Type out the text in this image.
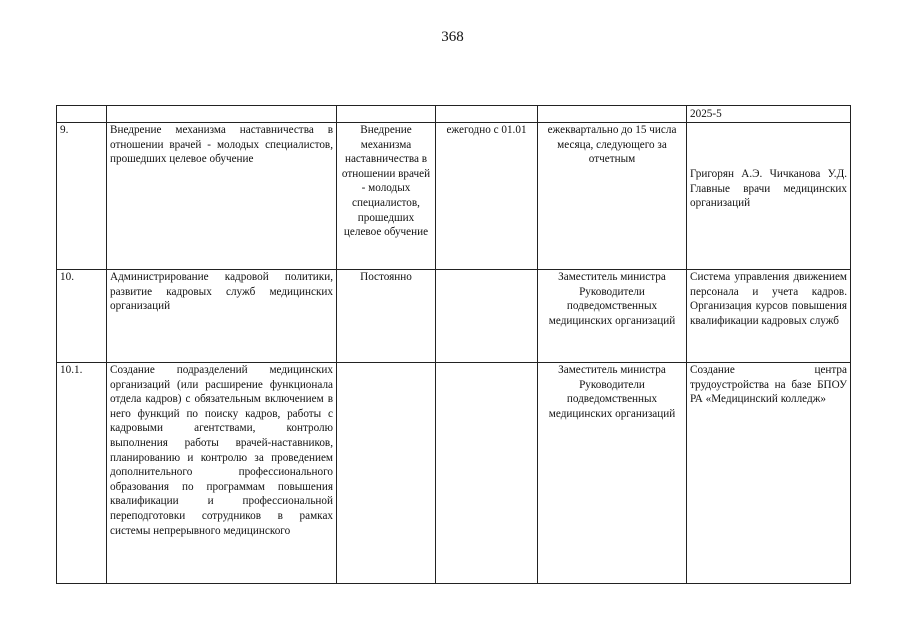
368
					2025-5
9.	Внедрение механизма наставничества в отношении врачей - молодых специалистов, прошедших целевое обучение	Внедрение механизма наставничества в отношении врачей - молодых специалистов, прошедших целевое обучение	ежегодно с 01.01	ежеквартально до 15 числа месяца, следующего за отчетным	Григорян А.Э. Чичканова У.Д. Главные врачи медицинских организаций
10.	Администрирование кадровой политики, развитие кадровых служб медицинских организаций	Постоянно		Заместитель министра Руководители подведомственных медицинских организаций	Система управления движением персонала и учета кадров. Организация курсов повышения квалификации кадровых служб
10.1.	Создание подразделений медицинских организаций (или расширение функционала отдела кадров) с обязательным включением в него функций по поиску кадров, работы с кадровыми агентствами, контролю выполнения работы врачей-наставников, планированию и контролю за проведением дополнительного профессионального образования по программам повышения квалификации и профессиональной переподготовки сотрудников в рамках системы непрерывного медицинского			Заместитель министра Руководители подведомственных медицинских организаций	Создание центра трудоустройства на базе БПОУ РА «Медицинский колледж»
